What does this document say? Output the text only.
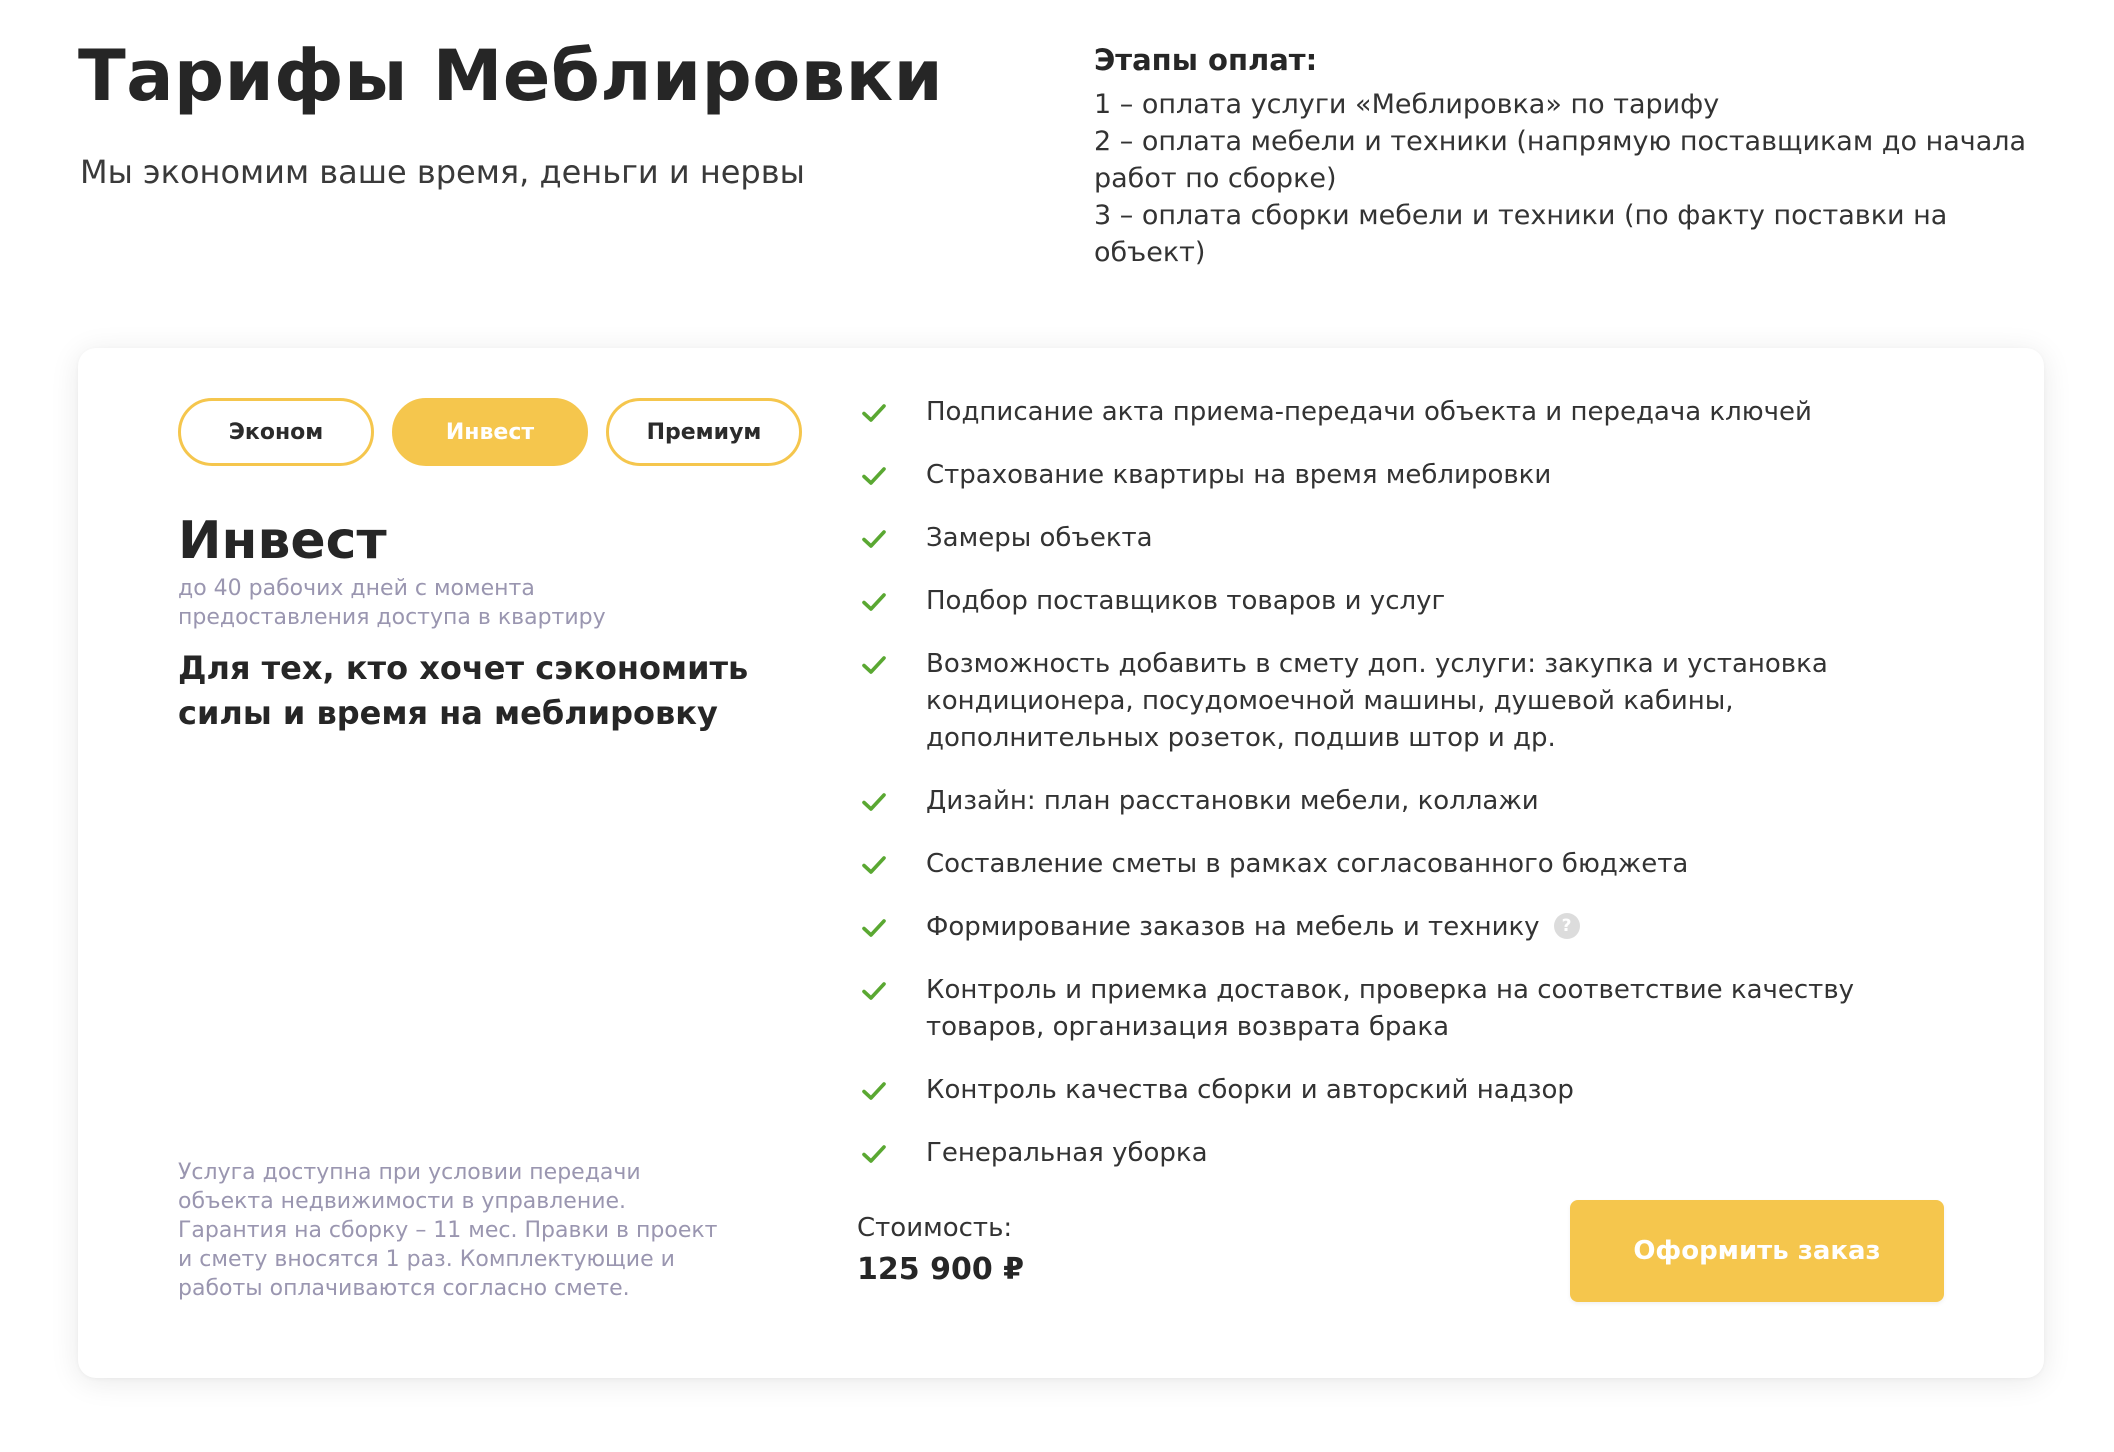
Тарифы Меблировки

Мы экономим ваше время, деньги и нервы

Этапы оплат:
1 – оплата услуги «Меблировка» по тарифу
2 – оплата мебели и техники (напрямую поставщикам до начала работ по сборке)
3 – оплата сборки мебели и техники (по факту поставки на объект)
Эконом	Инвест	Премиум
Инвест

до 40 рабочих дней с момента предоставления доступа в квартиру

Для тех, кто хочет сэкономить силы и время на меблировку

Услуга доступна при условии передачи объекта недвижимости в управление. Гарантия на сборку – 11 мес. Правки в проект и смету вносятся 1 раз. Комплектующие и работы оплачиваются согласно смете.

Подписание акта приема-передачи объекта и передача ключей
Страхование квартиры на время меблировки
Замеры объекта
Подбор поставщиков товаров и услуг
Возможность добавить в смету доп. услуги: закупка и установка кондиционера, посудомоечной машины, душевой кабины, дополнительных розеток, подшив штор и др.
Дизайн: план расстановки мебели, коллажи
Составление сметы в рамках согласованного бюджета
Формирование заказов на мебель и технику ?
Контроль и приемка доставок, проверка на соответствие качеству товаров, организация возврата брака
Контроль качества сборки и авторский надзор
Генеральная уборка

Стоимость:

125 900 ₽

Оформить заказ
